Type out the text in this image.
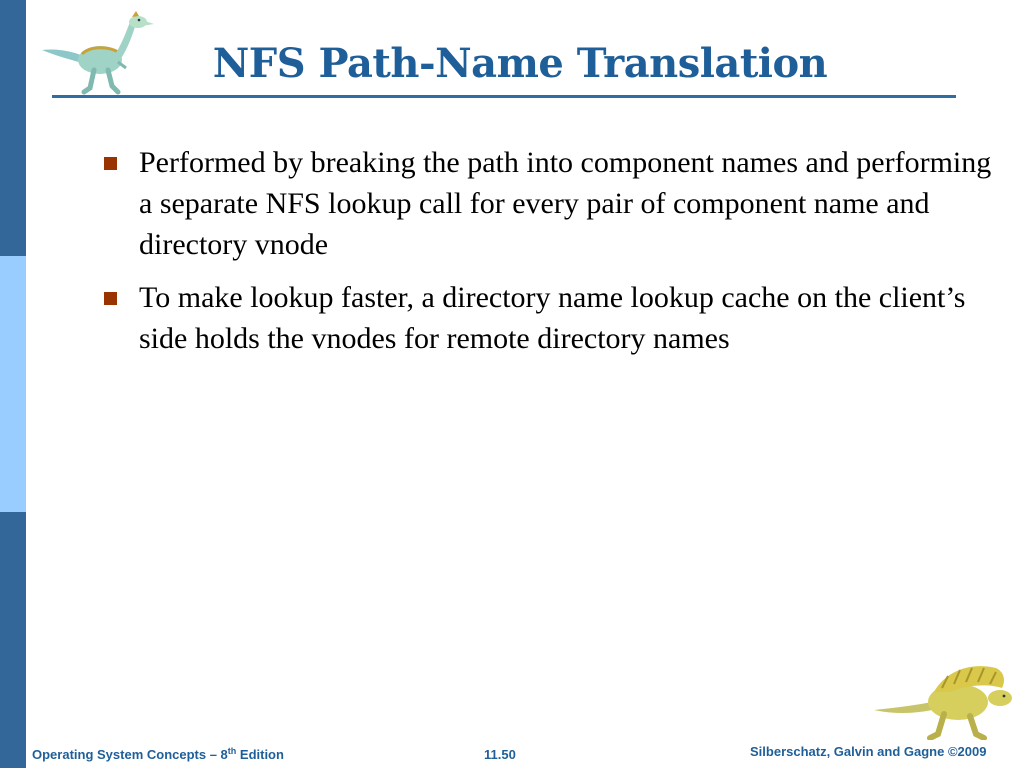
NFS Path-Name Translation
Performed by breaking the path into component names and performing a separate NFS lookup call for every pair of component name and directory vnode
To make lookup faster, a directory name lookup cache on the client’s side holds the vnodes for remote directory names
Operating System Concepts – 8th Edition	11.50	Silberschatz, Galvin and Gagne ©2009
